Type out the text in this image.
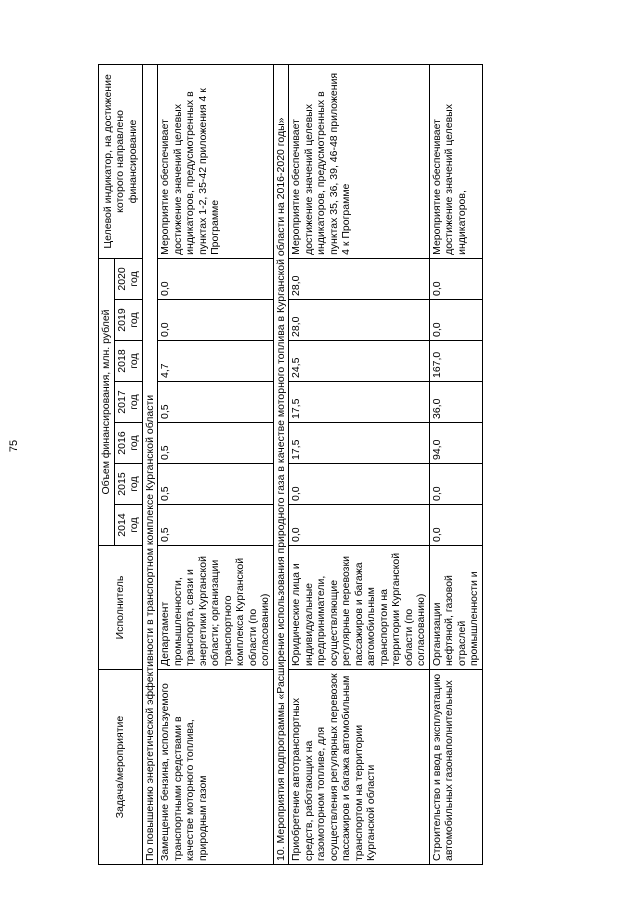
75
Задача/мероприятие	Исполнитель	Объем финансирования, млн. рублей							Целевой индикатор, на достижение которого направлено финансирование
		2014 год	2015 год	2016 год	2017 год	2018 год	2019 год	2020 год	
По повышению энергетической эффективности в транспортном комплексе Курганской области									
Замещение бензина, используемого транспортными средствами в качестве моторного топлива, природным газом	Департамент промышленности, транспорта, связи и энергетики Курганской области; организации транспортного комплекса Курганской области (по согласованию)	0,5	0,5	0,5	0,5	4,7	0,0	0,0	Мероприятие обеспечивает достижение значений целевых индикаторов, предусмотренных в пунктах 1-2, 35-42 приложения 4 к Программе
10. Мероприятия подпрограммы «Расширение использования природного газа в качестве моторного топлива в Курганской области на 2016-2020 годы»									
Приобретение автотранспортных средств, работающих на газомоторном топливе, для осуществления регулярных перевозок пассажиров и багажа автомобильным транспортом на территории Курганской области	Юридические лица и индивидуальные предприниматели, осуществляющие регулярные перевозки пассажиров и багажа автомобильным транспортом на территории Курганской области (по согласованию)	0,0	0,0	17,5	17,5	24,5	28,0	28,0	Мероприятие обеспечивает достижение значений целевых индикаторов, предусмотренных в пунктах 35, 36, 39, 46-48 приложения 4 к Программе
Строительство и ввод в эксплуатацию автомобильных газонаполнительных	Организации нефтяной, газовой отраслей промышленности и	0,0	0,0	94,0	36,0	167,0	0,0	0,0	Мероприятие обеспечивает достижение значений целевых индикаторов,
